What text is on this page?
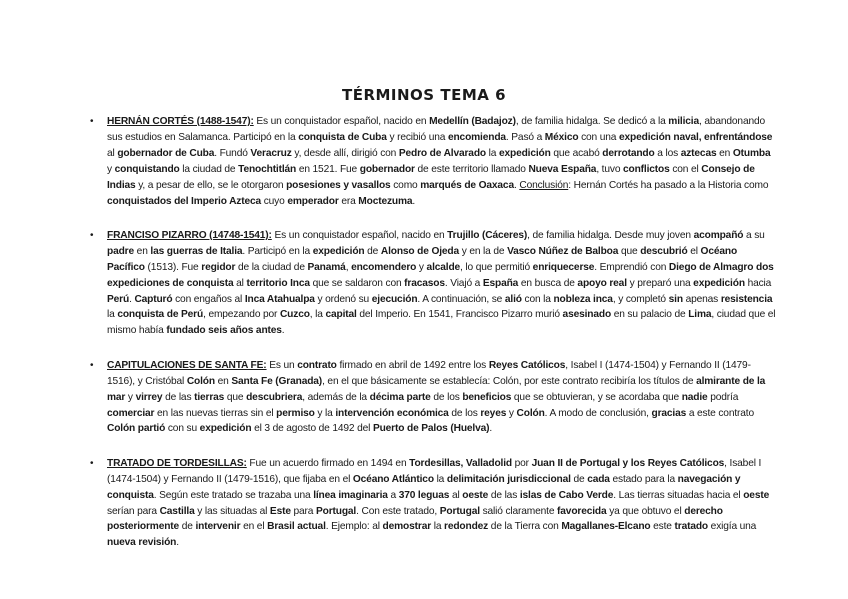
TÉRMINOS TEMA 6
• HERNÁN CORTÉS (1488-1547): Es un conquistador español, nacido en Medellín (Badajoz), de familia hidalga. Se dedicó a la milicia, abandonando sus estudios en Salamanca. Participó en la conquista de Cuba y recibió una encomienda. Pasó a México con una expedición naval, enfrentándose al gobernador de Cuba. Fundó Veracruz y, desde allí, dirigió con Pedro de Alvarado la expedición que acabó derrotando a los aztecas en Otumba y conquistando la ciudad de Tenochtitlán en 1521. Fue gobernador de este territorio llamado Nueva España, tuvo conflictos con el Consejo de Indias y, a pesar de ello, se le otorgaron posesiones y vasallos como marqués de Oaxaca. Conclusión: Hernán Cortés ha pasado a la Historia como conquistados del Imperio Azteca cuyo emperador era Moctezuma.
• FRANCISO PIZARRO (14748-1541): Es un conquistador español, nacido en Trujillo (Cáceres), de familia hidalga. Desde muy joven acompañó a su padre en las guerras de Italia. Participó en la expedición de Alonso de Ojeda y en la de Vasco Núñez de Balboa que descubrió el Océano Pacífico (1513). Fue regidor de la ciudad de Panamá, encomendero y alcalde, lo que permitió enriquecerse. Emprendió con Diego de Almagro dos expediciones de conquista al territorio Inca que se saldaron con fracasos. Viajó a España en busca de apoyo real y preparó una expedición hacia Perú. Capturó con engaños al Inca Atahualpa y ordenó su ejecución. A continuación, se alió con la nobleza inca, y completó sin apenas resistencia la conquista de Perú, empezando por Cuzco, la capital del Imperio. En 1541, Francisco Pizarro murió asesinado en su palacio de Lima, ciudad que el mismo había fundado seis años antes.
• CAPITULACIONES DE SANTA FE: Es un contrato firmado en abril de 1492 entre los Reyes Católicos, Isabel I (1474-1504) y Fernando II (1479-1516), y Cristóbal Colón en Santa Fe (Granada), en el que básicamente se establecía: Colón, por este contrato recibiría los títulos de almirante de la mar y virrey de las tierras que descubriera, además de la décima parte de los beneficios que se obtuvieran, y se acordaba que nadie podría comerciar en las nuevas tierras sin el permiso y la intervención económica de los reyes y Colón. A modo de conclusión, gracias a este contrato Colón partió con su expedición el 3 de agosto de 1492 del Puerto de Palos (Huelva).
• TRATADO DE TORDESILLAS: Fue un acuerdo firmado en 1494 en Tordesillas, Valladolid por Juan II de Portugal y los Reyes Católicos, Isabel I (1474-1504) y Fernando II (1479-1516), que fijaba en el Océano Atlántico la delimitación jurisdiccional de cada estado para la navegación y conquista. Según este tratado se trazaba una línea imaginaria a 370 leguas al oeste de las islas de Cabo Verde. Las tierras situadas hacia el oeste serían para Castilla y las situadas al Este para Portugal. Con este tratado, Portugal salió claramente favorecida ya que obtuvo el derecho posteriormente de intervenir en el Brasil actual. Ejemplo: al demostrar la redondez de la Tierra con Magallanes-Elcano este tratado exigía una nueva revisión.
